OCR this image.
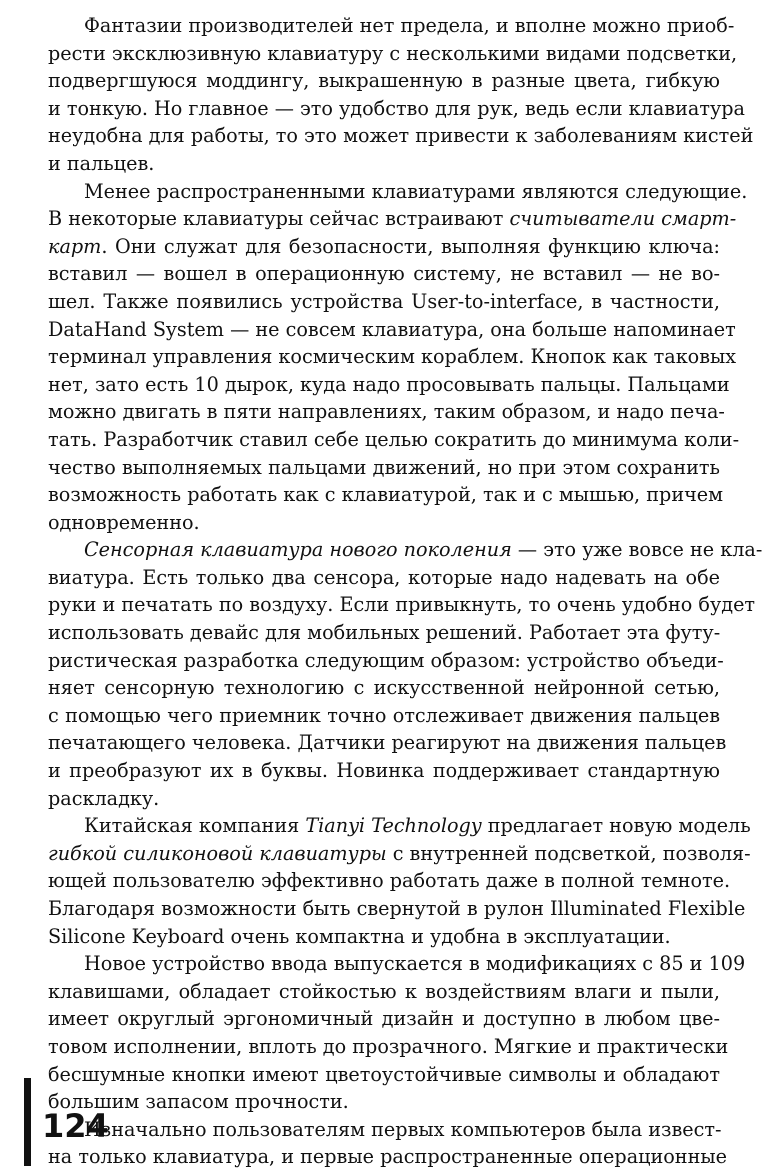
Фантазии производителей нет предела, и вполне можно приоб-
рести эксклюзивную клавиатуру с несколькими видами подсветки,
подвергшуюся моддингу, выкрашенную в разные цвета, гибкую
и тонкую. Но главное — это удобство для рук, ведь если клавиатура
неудобна для работы, то это может привести к заболеваниям кистей
и пальцев.
Менее распространенными клавиатурами являются следующие.
В некоторые клавиатуры сейчас встраивают считыватели смарт-
карт. Они служат для безопасности, выполняя функцию ключа:
вставил — вошел в операционную систему, не вставил — не во-
шел. Также появились устройства User-to-interface, в частности,
DataHand System — не совсем клавиатура, она больше напоминает
терминал управления космическим кораблем. Кнопок как таковых
нет, зато есть 10 дырок, куда надо просовывать пальцы. Пальцами
можно двигать в пяти направлениях, таким образом, и надо печа-
тать. Разработчик ставил себе целью сократить до минимума коли-
чество выполняемых пальцами движений, но при этом сохранить
возможность работать как с клавиатурой, так и с мышью, причем
одновременно.
Сенсорная клавиатура нового поколения — это уже вовсе не кла-
виатура. Есть только два сенсора, которые надо надевать на обе
руки и печатать по воздуху. Если привыкнуть, то очень удобно будет
использовать девайс для мобильных решений. Работает эта футу-
ристическая разработка следующим образом: устройство объеди-
няет сенсорную технологию с искусственной нейронной сетью,
с помощью чего приемник точно отслеживает движения пальцев
печатающего человека. Датчики реагируют на движения пальцев
и преобразуют их в буквы. Новинка поддерживает стандартную
раскладку.
Китайская компания Tianyi Technology предлагает новую модель
гибкой силиконовой клавиатуры с внутренней подсветкой, позволя-
ющей пользователю эффективно работать даже в полной темноте.
Благодаря возможности быть свернутой в рулон Illuminated Flexible
Silicone Keyboard очень компактна и удобна в эксплуатации.
Новое устройство ввода выпускается в модификациях с 85 и 109
клавишами, обладает стойкостью к воздействиям влаги и пыли,
имеет округлый эргономичный дизайн и доступно в любом цве-
товом исполнении, вплоть до прозрачного. Мягкие и практически
бесшумные кнопки имеют цветоустойчивые символы и обладают
большим запасом прочности.
Изначально пользователям первых компьютеров была извест-
на только клавиатура, и первые распространенные операционные
124
